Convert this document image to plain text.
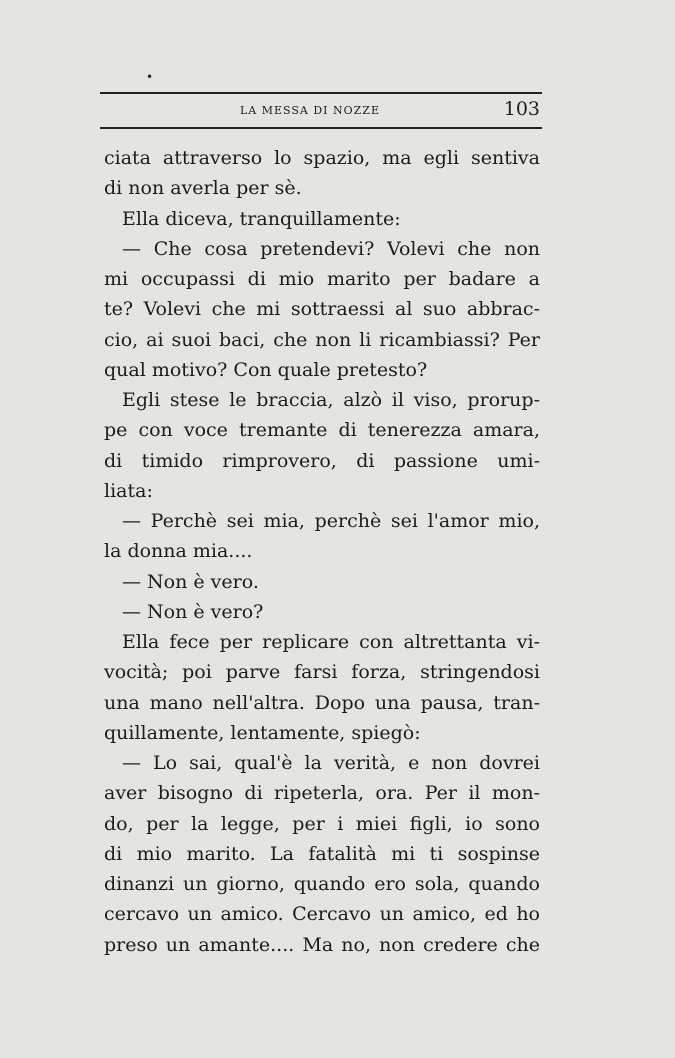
•
LA MESSA DI NOZZE	103
ciata attraverso lo spazio, ma egli sentiva
di non averla per sè.
Ella diceva, tranquillamente:
— Che cosa pretendevi? Volevi che non
mi occupassi di mio marito per badare a
te? Volevi che mi sottraessi al suo abbrac-
cio, ai suoi baci, che non li ricambiassi? Per
qual motivo? Con quale pretesto?
Egli stese le braccia, alzò il viso, prorup-
pe con voce tremante di tenerezza amara,
di timido rimprovero, di passione umi-
liata:
— Perchè sei mia, perchè sei l'amor mio,
la donna mia....
— Non è vero.
— Non è vero?
Ella fece per replicare con altrettanta vi-
vocità; poi parve farsi forza, stringendosi
una mano nell'altra. Dopo una pausa, tran-
quillamente, lentamente, spiegò:
— Lo sai, qual'è la verità, e non dovrei
aver bisogno di ripeterla, ora. Per il mon-
do, per la legge, per i miei figli, io sono
di mio marito. La fatalità mi ti sospinse
dinanzi un giorno, quando ero sola, quando
cercavo un amico. Cercavo un amico, ed ho
preso un amante.... Ma no, non credere che
